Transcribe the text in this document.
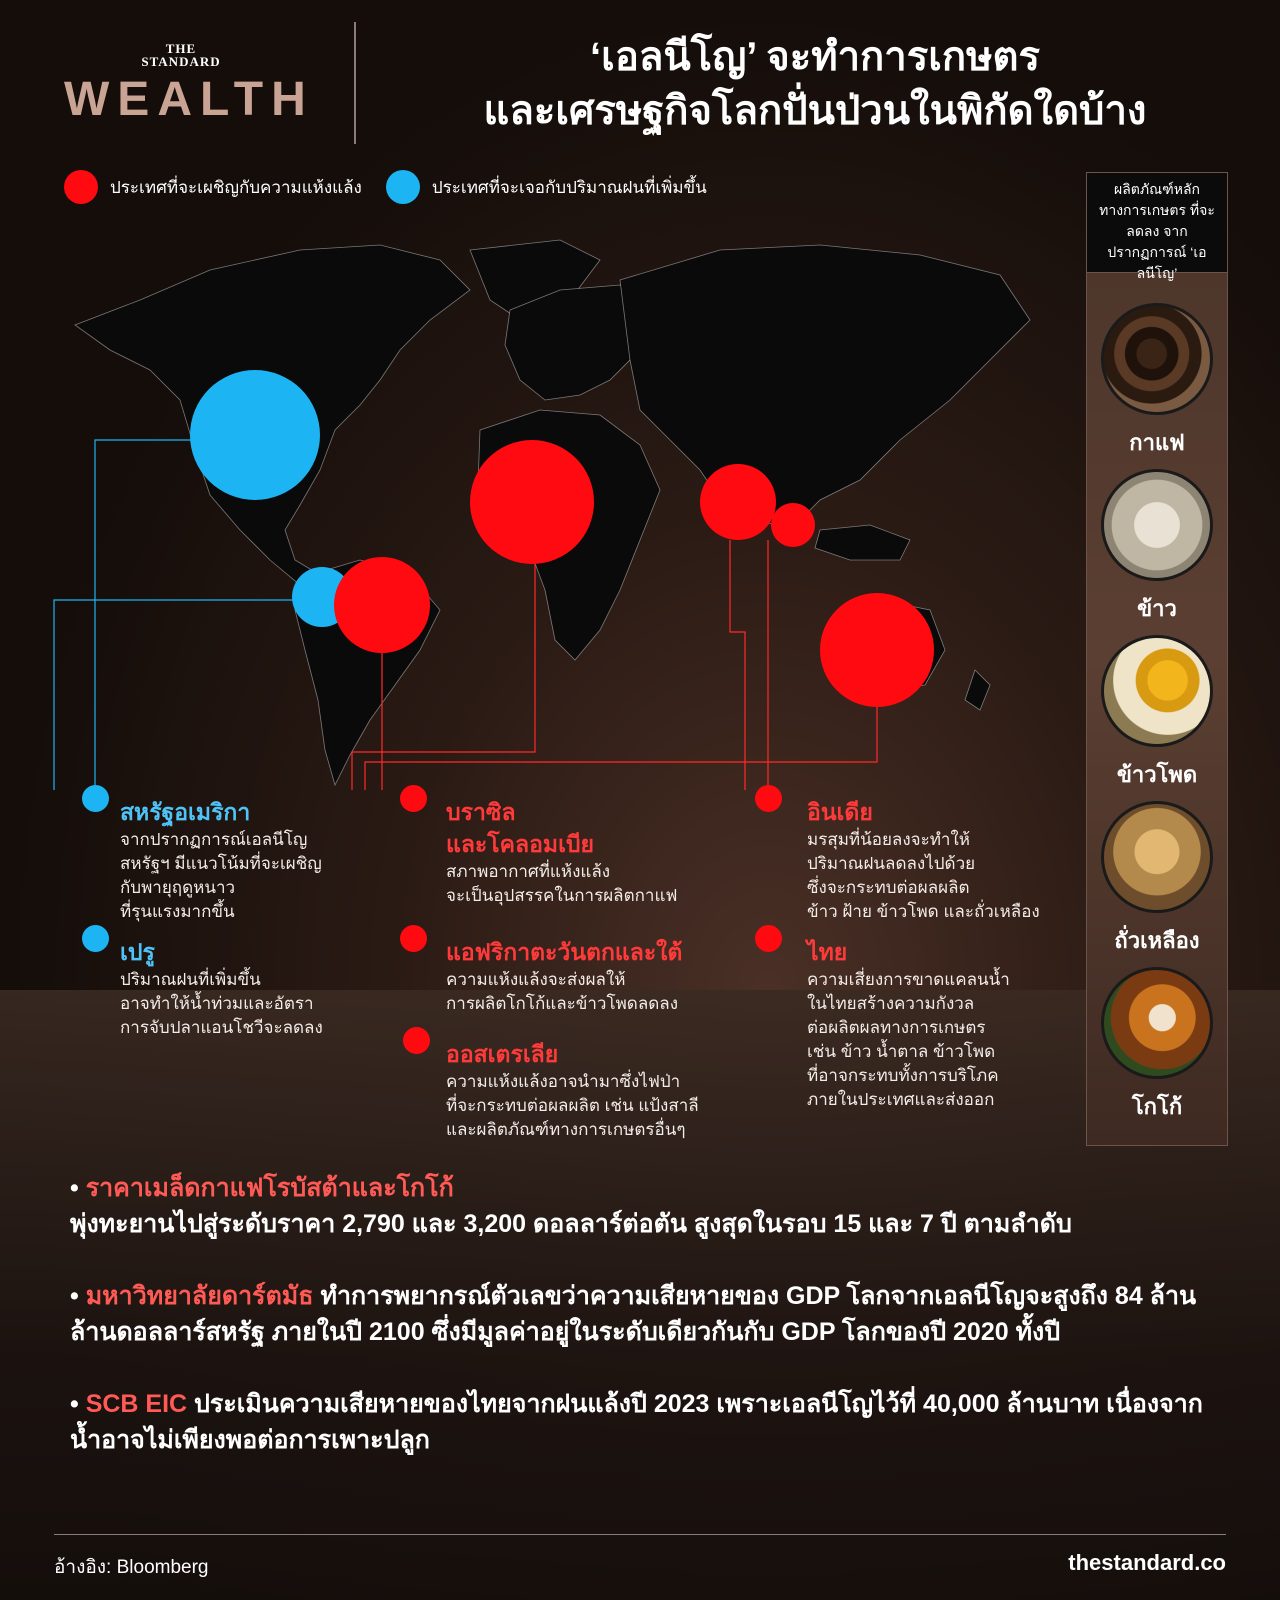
THE STANDARD
WEALTH
‘เอลนีโญ’ จะทำการเกษตร
และเศรษฐกิจโลกปั่นป่วนในพิกัดใดบ้าง
ประเทศที่จะเผชิญกับความแห้งแล้ง	ประเทศที่จะเจอกับปริมาณฝนที่เพิ่มขึ้น	ผลิตภัณฑ์หลัก ทางการเกษตร ที่จะลดลง จากปรากฏการณ์ ‘เอลนีโญ’
กาแฟ
ข้าว
ข้าวโพด
ถั่วเหลือง
โกโก้
สหรัฐอเมริกา
จากปรากฏการณ์เอลนีโญ
สหรัฐฯ มีแนวโน้มที่จะเผชิญ
กับพายุฤดูหนาว
ที่รุนแรงมากขึ้น
เปรู
ปริมาณฝนที่เพิ่มขึ้น
อาจทำให้น้ำท่วมและอัตรา
การจับปลาแอนโชวีจะลดลง
บราซิล
และโคลอมเบีย
สภาพอากาศที่แห้งแล้ง
จะเป็นอุปสรรคในการผลิตกาแฟ
แอฟริกาตะวันตกและใต้
ความแห้งแล้งจะส่งผลให้
การผลิตโกโก้และข้าวโพดลดลง
ออสเตรเลีย
ความแห้งแล้งอาจนำมาซึ่งไฟป่า
ที่จะกระทบต่อผลผลิต เช่น แป้งสาลี
และผลิตภัณฑ์ทางการเกษตรอื่นๆ
อินเดีย
มรสุมที่น้อยลงจะทำให้
ปริมาณฝนลดลงไปด้วย
ซึ่งจะกระทบต่อผลผลิต
ข้าว ฝ้าย ข้าวโพด และถั่วเหลือง
ไทย
ความเสี่ยงการขาดแคลนน้ำ
ในไทยสร้างความกังวล
ต่อผลิตผลทางการเกษตร
เช่น ข้าว น้ำตาล ข้าวโพด
ที่อาจกระทบทั้งการบริโภค
ภายในประเทศและส่งออก
• ราคาเมล็ดกาแฟโรบัสต้าและโกโก้
พุ่งทะยานไปสู่ระดับราคา 2,790 และ 3,200 ดอลลาร์ต่อตัน สูงสุดในรอบ 15 และ 7 ปี ตามลำดับ
• มหาวิทยาลัยดาร์ตมัธ ทำการพยากรณ์ตัวเลขว่าความเสียหายของ GDP โลกจากเอลนีโญจะสูงถึง 84 ล้านล้านดอลลาร์สหรัฐ ภายในปี 2100 ซึ่งมีมูลค่าอยู่ในระดับเดียวกันกับ GDP โลกของปี 2020 ทั้งปี
• SCB EIC ประเมินความเสียหายของไทยจากฝนแล้งปี 2023 เพราะเอลนีโญไว้ที่ 40,000 ล้านบาท เนื่องจากน้ำอาจไม่เพียงพอต่อการเพาะปลูก
อ้างอิง: Bloomberg	thestandard.co
